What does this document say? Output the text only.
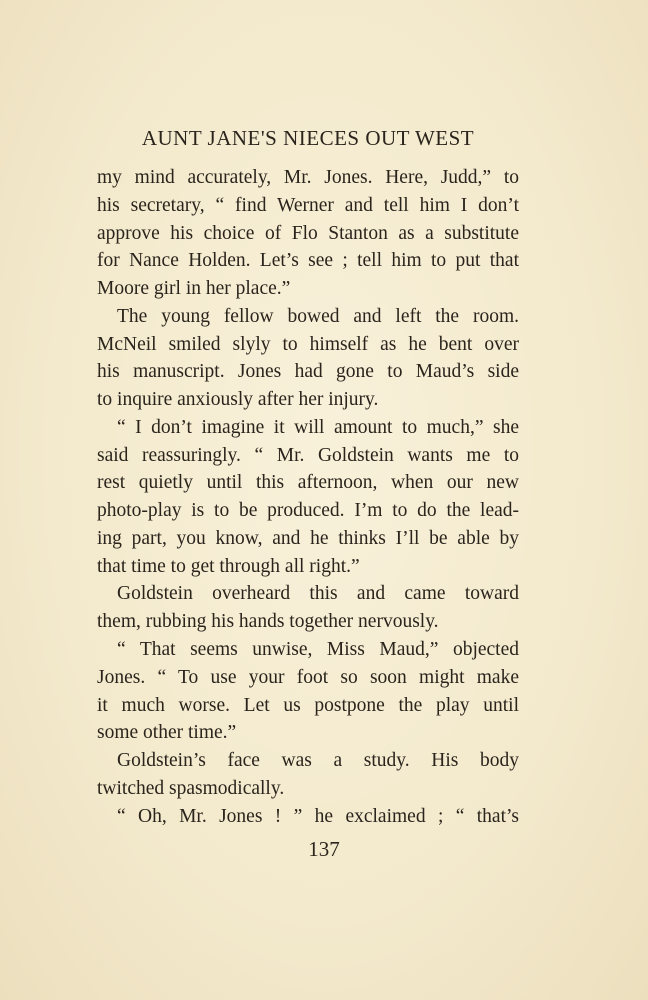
AUNT JANE'S NIECES OUT WEST
my mind accurately, Mr. Jones. Here, Judd,” to
his secretary, “ find Werner and tell him I don’t
approve his choice of Flo Stanton as a substitute
for Nance Holden. Let’s see ; tell him to put that
Moore girl in her place.”
The young fellow bowed and left the room.
McNeil smiled slyly to himself as he bent over
his manuscript. Jones had gone to Maud’s side
to inquire anxiously after her injury.
“ I don’t imagine it will amount to much,” she
said reassuringly. “ Mr. Goldstein wants me to
rest quietly until this afternoon, when our new
photo-play is to be produced. I’m to do the lead-
ing part, you know, and he thinks I’ll be able by
that time to get through all right.”
Goldstein overheard this and came toward
them, rubbing his hands together nervously.
“ That seems unwise, Miss Maud,” objected
Jones. “ To use your foot so soon might make
it much worse. Let us postpone the play until
some other time.”
Goldstein’s face was a study. His body
twitched spasmodically.
“ Oh, Mr. Jones ! ” he exclaimed ; “ that’s
137
